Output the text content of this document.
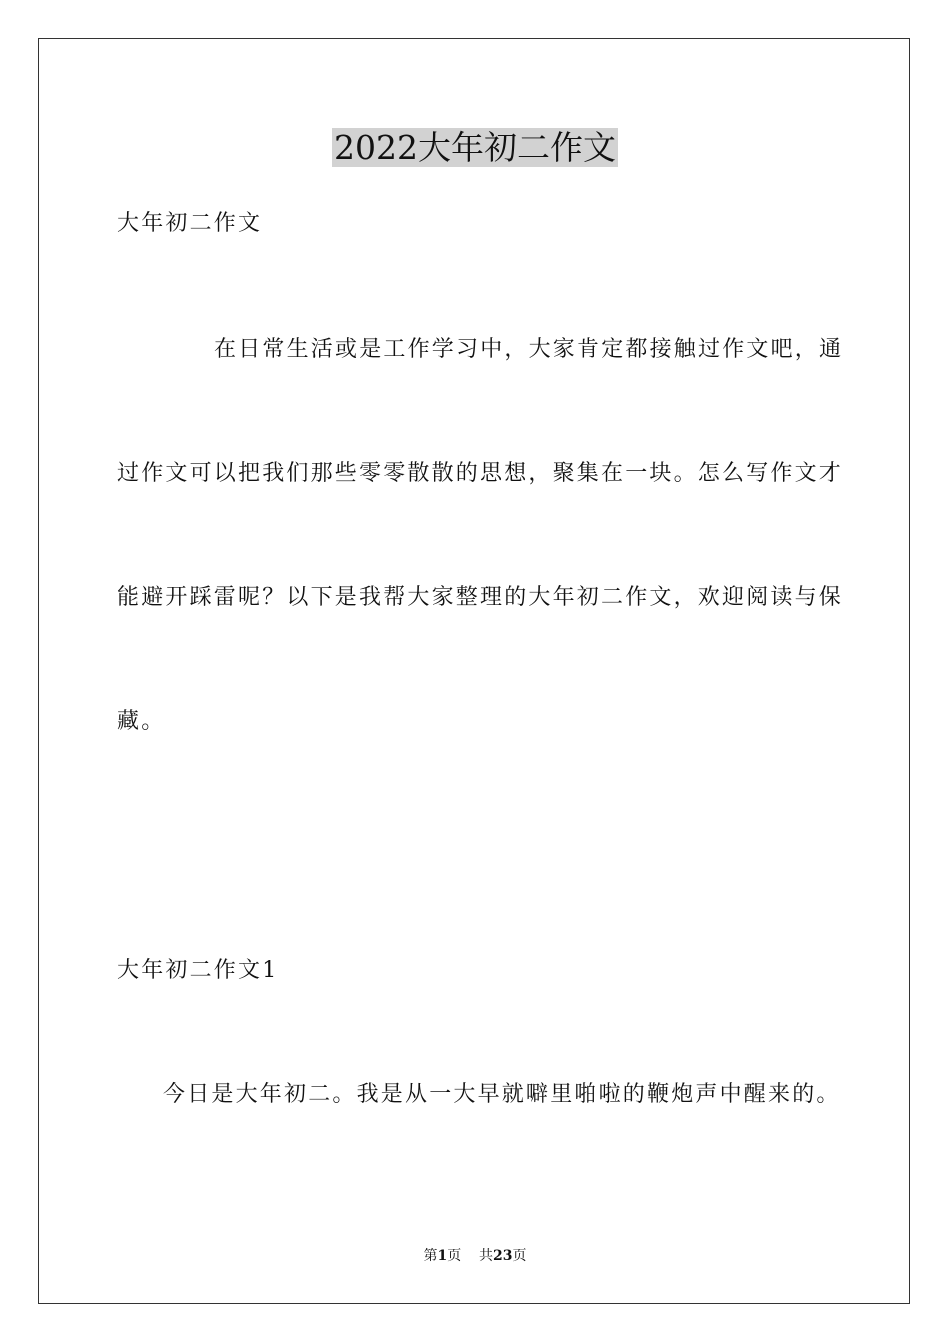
2022大年初二作文
大年初二作文
在日常生活或是工作学习中，大家肯定都接触过作文吧，通
过作文可以把我们那些零零散散的思想，聚集在一块。怎么写作文才
能避开踩雷呢？以下是我帮大家整理的大年初二作文，欢迎阅读与保
藏。
大年初二作文1
今日是大年初二。我是从一大早就噼里啪啦的鞭炮声中醒来的。
第1页 共23页
